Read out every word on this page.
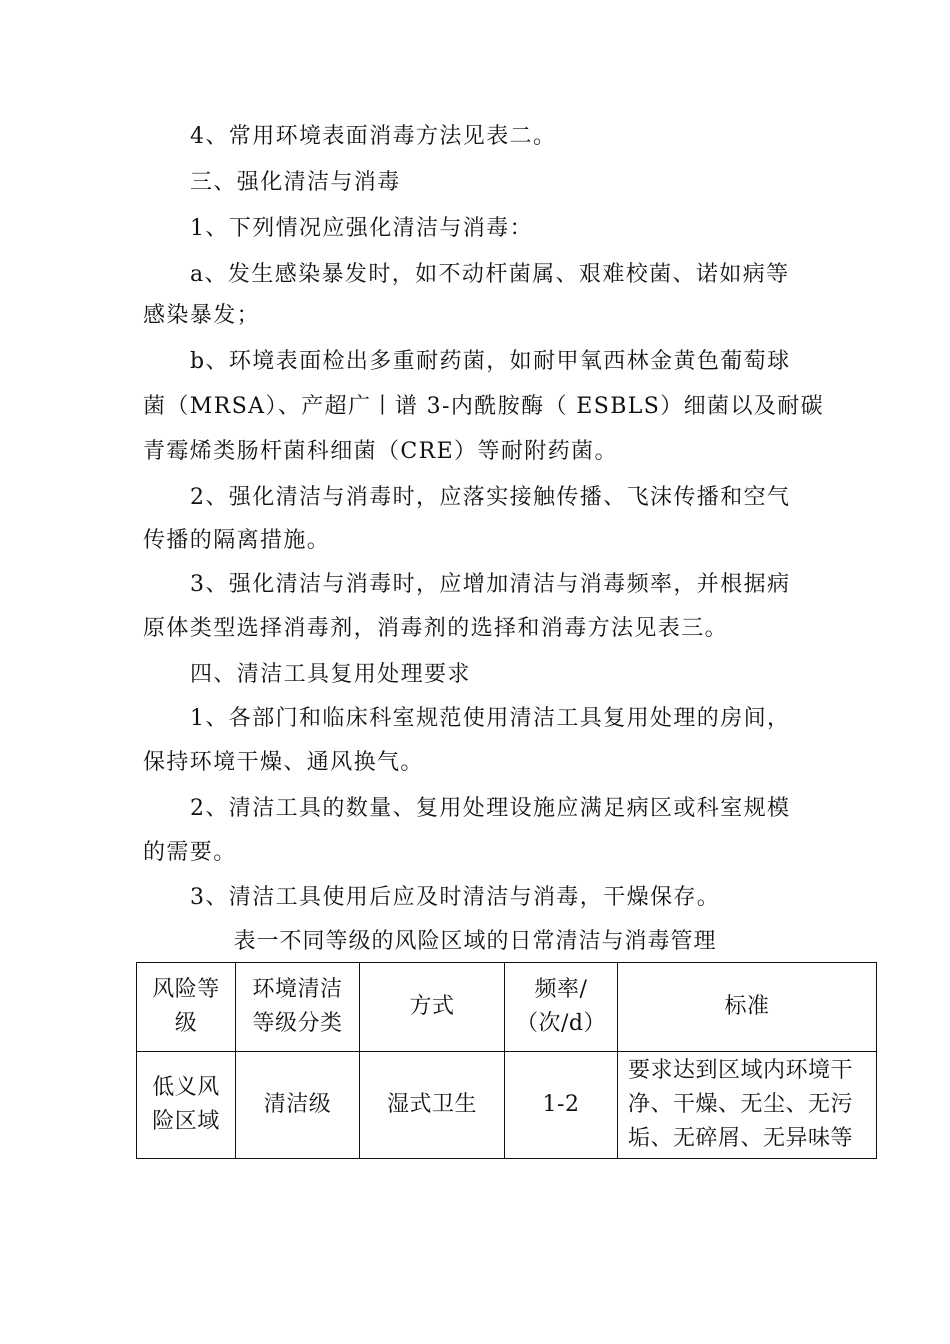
4、常用环境表面消毒方法见表二。
三、强化清洁与消毒
1、下列情况应强化清洁与消毒：
a、发生感染暴发时，如不动杆菌属、艰难校菌、诺如病等
感染暴发；
b、环境表面检出多重耐药菌，如耐甲氧西林金黄色葡萄球
菌（MRSA）、产超广丨谱 3-内酰胺酶（ ESBLS）细菌以及耐碳
青霉烯类肠杆菌科细菌（CRE）等耐附药菌。
2、强化清洁与消毒时，应落实接触传播、飞沫传播和空气
传播的隔离措施。
3、强化清洁与消毒时，应增加清洁与消毒频率，并根据病
原体类型选择消毒剂，消毒剂的选择和消毒方法见表三。
四、清洁工具复用处理要求
1、各部门和临床科室规范使用清洁工具复用处理的房间，
保持环境干燥、通风换气。
2、清洁工具的数量、复用处理设施应满足病区或科室规模
的需要。
3、清洁工具使用后应及时清洁与消毒，干燥保存。
表一不同等级的风险区域的日常清洁与消毒管理
风险等级	环境清洁等级分类	方式	频率/（次/d）	标准
低义风险区域	清洁级	湿式卫生	1-2	要求达到区域内环境干净、干燥、无尘、无污垢、无碎屑、无异味等
